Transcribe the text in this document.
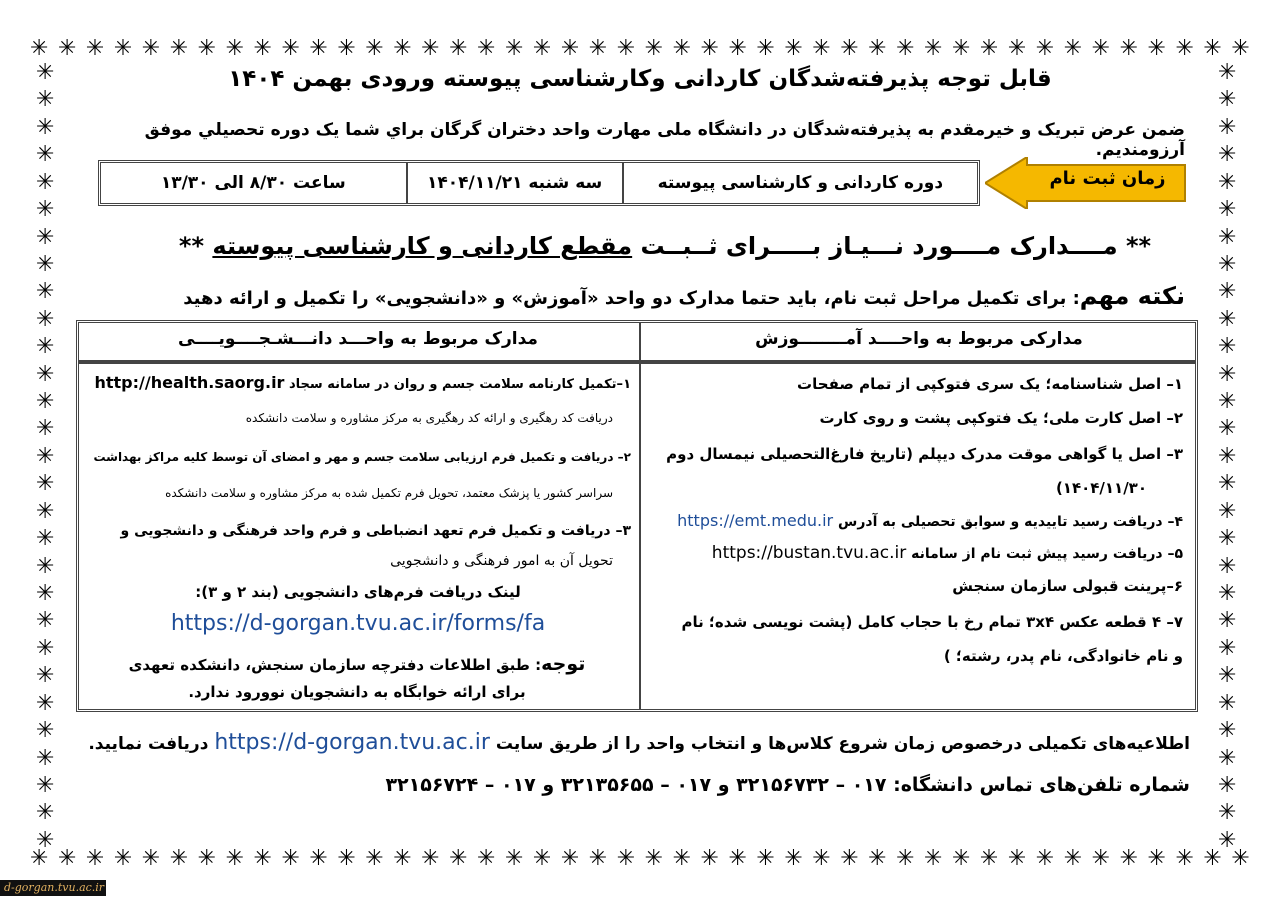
✳ ✳ ✳ ✳ ✳ ✳ ✳ ✳ ✳ ✳ ✳ ✳ ✳ ✳ ✳ ✳ ✳ ✳ ✳ ✳ ✳ ✳ ✳ ✳ ✳ ✳ ✳ ✳ ✳ ✳ ✳ ✳ ✳ ✳ ✳ ✳ ✳ ✳ ✳ ✳ ✳ ✳ ✳ ✳
✳ ✳ ✳ ✳ ✳ ✳ ✳ ✳ ✳ ✳ ✳ ✳ ✳ ✳ ✳ ✳ ✳ ✳ ✳ ✳ ✳ ✳ ✳ ✳ ✳ ✳ ✳ ✳ ✳ ✳ ✳ ✳ ✳ ✳ ✳ ✳ ✳ ✳ ✳ ✳ ✳ ✳ ✳ ✳
✳
✳
✳
✳
✳
✳
✳
✳
✳
✳
✳
✳
✳
✳
✳
✳
✳
✳
✳
✳
✳
✳
✳
✳
✳
✳
✳
✳
✳
✳
✳
✳
✳
✳
✳
✳
✳
✳
✳
✳
✳
✳
✳
✳
✳
✳
✳
✳
✳
✳
✳
✳
✳
✳
✳
✳
✳
✳
قابل توجه پذیرفته‌شدگان کاردانی وکارشناسی پیوسته ورودی بهمن ۱۴۰۴
ضمن عرض تبریک و خیرمقدم به پذیرفته‌شدگان در دانشگاه ملی مهارت واحد دختران گرگان براي شما يک دوره تحصيلي موفق آرزومنديم.
دوره کاردانی و کارشناسی پیوسته
سه شنبه ۱۴۰۴/۱۱/۲۱
ساعت ۸/۳۰ الی ۱۳/۳۰	زمان ثبت نام
** مــــدارک مــــورد نـــیـاز بـــــرای ثــبــت مقطع کاردانی و کارشناسی پیوسته **
نکته مهم: برای تکمیل مراحل ثبت نام، باید حتما مدارک دو واحد «آموزش» و «دانشجویی» را تکمیل و ارائه دهید
مدارکی مربوط به واحــــد آمــــــــوزش
مدارک مربوط به واحـــد دانـــشـجــــویــــی
۱– اصل شناسنامه؛ یک سری فتوکپی از تمام صفحات
۲– اصل کارت ملی؛ یک فتوکپی پشت و روی کارت
۳– اصل یا گواهی موقت مدرک دیپلم (تاریخ فارغ‌التحصیلی نیمسال دوم
۱۴۰۴/۱۱/۳۰)
۴– دریافت رسید تاییدیه و سوابق تحصیلی به آدرس https://emt.medu.ir
۵– دریافت رسید پیش ثبت نام از سامانه https://bustan.tvu.ac.ir
۶–پرینت قبولی سازمان سنجش
۷– ۴ قطعه عکس ۳x۴ تمام رخ با حجاب کامل (پشت نویسی شده؛ نام
و نام خانوادگی، نام پدر، رشته؛ )
۱–تکمیل کارنامه سلامت جسم و روان در سامانه سجاد http://health.saorg.ir
دریافت کد رهگیری و ارائه کد رهگیری به مرکز مشاوره و سلامت دانشکده
۲– دریافت و تکمیل فرم ارزیابی سلامت جسم و مهر و امضای آن توسط کلیه مراکز بهداشت
سراسر کشور یا پزشک معتمد، تحویل فرم تکمیل شده به مرکز مشاوره و سلامت دانشکده
۳– دریافت و تکمیل فرم تعهد انضباطی و فرم واحد فرهنگی و دانشجویی و
تحویل آن به امور فرهنگی و دانشجویی
لینک دریافت فرم‌های دانشجویی (بند ۲ و ۳):
https://d-gorgan.tvu.ac.ir/forms/fa
توجه: طبق اطلاعات دفترچه سازمان سنجش، دانشکده تعهدی
برای ارائه خوابگاه به دانشجویان نوورود ندارد.
اطلاعیه‌های تکمیلی درخصوص زمان شروع کلاس‌ها و انتخاب واحد را از طریق سایت https://d-gorgan.tvu.ac.ir دریافت نمایید.
شماره تلفن‌های تماس دانشگاه: ۰۱۷ – ۳۲۱۵۶۷۳۲ و ۰۱۷ – ۳۲۱۳۵۶۵۵ و ۰۱۷ – ۳۲۱۵۶۷۲۴
d-gorgan.tvu.ac.ir
